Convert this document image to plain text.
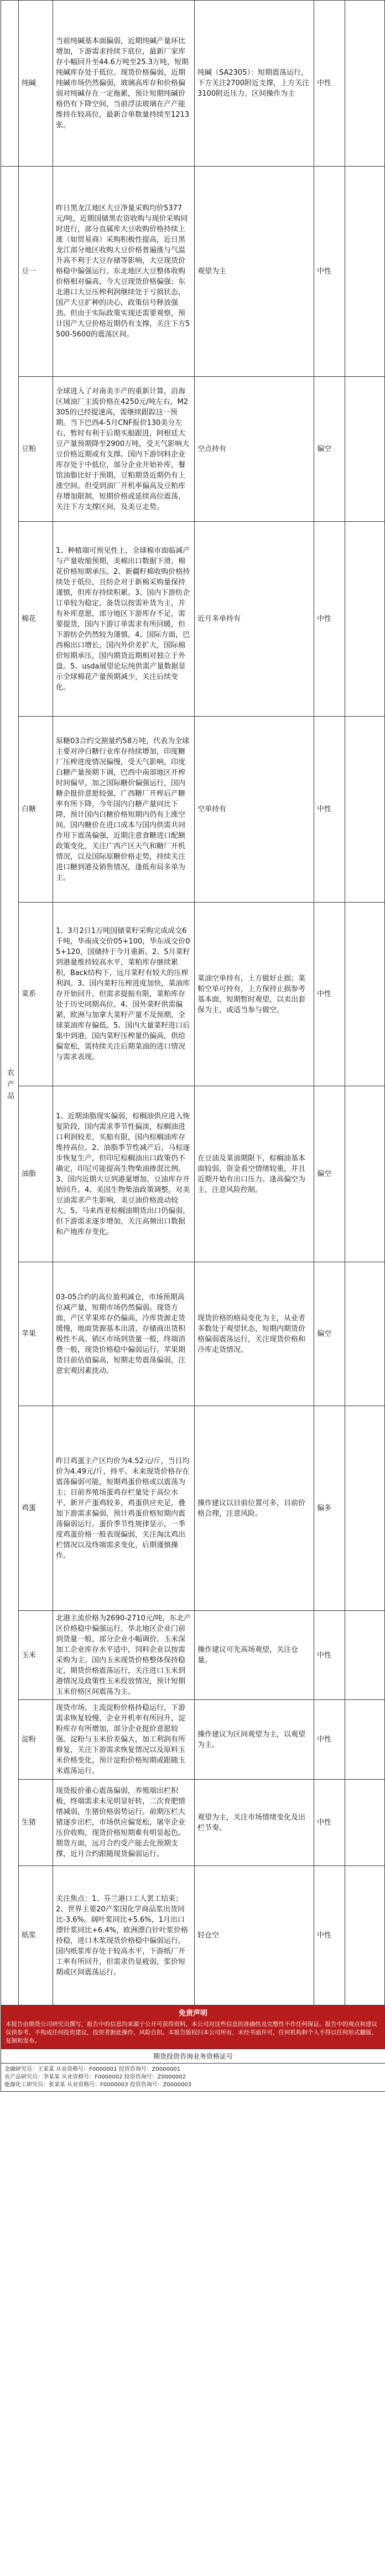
	纯碱	当前纯碱基本面偏弱，近期纯碱产量环比增加，下游需求持续下底位，最新厂家库存小幅回升至44.6万吨至25.3万吨，短期纯碱库存处于低位。现货价格偏弱，近期纯碱市场仍然偏弱，玻璃高库存和价格偏弱对纯碱存在一定拖累，预计短期纯碱价格仍有下降空间，当前浮法玻璃在产产能维持在较高位，最新合单数量持续至1213张。	纯碱（SA2305）：短期震荡运行，下方关注2700附近支撑，上方关注3100附近压力。区间操作为主	中性	
农产品	豆一	昨日黑龙江地区大豆净量采购均价5377元/吨，近期国储黑农资收购与现价采购同时进行，部分直属库大豆收购价格持续上涨（如贸易商）采购积极性提高，近日黑龙江部分地区收购大豆价格普遍涨与气温升高不利于大豆存储等影响，大豆现货价格稳中偏强运行。东北地区大豆整体收购价格相对偏高，今大豆现货价格偏强；东北港口大豆压榨利润继续处于亏损状态，国产大豆扩种的决心，政策信号释放强劲。但由于实际政策实现还需要观察，预计国产大豆价格近期仍有支撑，关注下方5500-5600的震荡区间。	观望为主	中性	
	豆粕	全球进入了对南美丰产的重新计算，沿海区域油厂主流价格在4250元/吨左右，M2305的已经提速高，需继续跟踪这一预期。当下巴西4-5月CNF报价130美分左右，暂时有利于后期买船跟进，阿根廷大豆产量预期降至2900万吨，受天气影响大豆价格近期或有支撑。国内下游饲料企业库存处于中低位，部分企业开始补库，餐馆油脂比好于预期，豆粕期货近期仍有上涨空间。但受到油厂开机率偏高及豆粕库存增加限制，短期价格或延续高位震荡，关注下方支撑区间，及美豆走势。	空点持有	偏空	
	棉花	1、种植端可预见性上，全球棉市面临减产与产量收缩预期，美棉出口数据下滑，棉花价格短期承压。2、新疆籽棉收购价格持续处于低位，且纺企对于新棉采购量保持谨慎，但库存持续积累。3、国内下游纺企订单较为稳定，备货以按需补货为主，并有补库意愿，部分地区下游库存不足，需要提货，国内下游订单需求有所回暖，但下游纺企仍然较为谨慎。4、国际方面，巴西棉出口增长，国内外价差扩大，国际棉价短期承压，国内期货近期相对独立于外盘。5、usda展望论坛纯供需产量数据显示全球棉花产量预期减少，关注后续变化。	近月多单持有	中性	
	白糖	原糖03合约交割量约58万吨，代表为全球主要对冲白糖行业库存持续增加，印度糖厂压榨进度情况偏慢，受天气影响，印度白糖产量预期下调，巴西中南部地区开榨时间偏早，加之国际糖价偏强运行，国内糖企挺价意愿较强，广西糖厂开榨后产糖率有所下降，今年国内白糖产量同比下降，预计国内白糖价格短期内仍有上涨空间。国内糖价在进口成本与国内供需共同作用下震荡偏强，近期注意食糖进口配额政策变化，关注广西产区天气和糖厂开机情况，以及国际原糖价格走势，持续关注进口糖到港及销售情况，逢低布局多单为主。	空单持有	中性	
	菜系	1、3月2日1万吨国储菜籽采购完成成交6千吨，华南成交价05+100，华东成交价05+120，国储持于今月重新。2、5月菜籽到港量维持较高水平，菜粕库存继续累积，Back结构下，远月菜籽有较大的压榨利润。3、国内菜籽压榨进度加快，菜油库存开始回升，但需求提振有限，菜粕库存处于历史同期高位。4、国外菜籽供需偏紧，欧洲与加拿大菜籽产量不及预期，全球菜油库存偏低。5、国内大量菜籽进口后集中到港，国内菜籽压榨量仍偏高，供给偏宽松，需持续关注后期菜油的进口情况与需求表现。	菜油空单持有，上方做好止损；菜粕空单可持有，上方保持止损参考基本面，短期暂时观望，以卖出套保为主，或适当参与做空。	中性	
	油脂	1、近期油脂现实偏弱，棕榈油供应进入恢复阶段，国内需求季节性偏淡，棕榈油进口利润较差，买船有限，国内棕榈油库存维持高位。2、油脂季节性减产后，马棕逐步恢复生产，但印尼棕榈油出口政策仍不确定，印尼可能提高生物柴油掺混比例。3、国内近期大豆到港量增加，豆油库存开始回升。4、美国生物柴油政策调整，对美豆油需求产生影响，美豆油价格波动较大。5、马来西亚棕榈油期货出口仍偏弱，但下游需求逐步增加，关注高频出口数据和产地库存变化。	在豆油及菜油期限下，棕榈油基本面较弱，资金看空情绪较重，并且近期开始有出口压力。逢高偏空为主，注意风险控制。	偏空	
	苹果	03-05合约的高位盈利减仓，市场预期高位减产量，短期市场仍然偏弱。现货方面，产区苹果库存仍偏高，冷库货源走货缓慢，地面货源基本出清，存储商出货积极性不高。销区市场到货量一般，终端消费一般，现货价格稳中偏弱运行。苹果期货目前估值偏高，短期走势震荡偏弱，注意宏观因素扰动。	现货价格的格局变化为主，从业者多数处于观望状态，短期内期货价格偏弱震荡运行，关注现货价格和冷库走货情况。	偏空	
	鸡蛋	昨日鸡蛋主产区均价为4.52元/斤，当日均价为4.49元/斤，持平。未来现货价格存在震荡偏弱可能，短期鸡蛋价格或以震荡为主；目前养殖场蛋鸡存栏量处于高位水平，新开产蛋鸡较多，鸡蛋供应充足，叠加下游需求偏弱，预计鸡蛋价格短期内震荡偏弱运行。蛋价季节性规律显示，一季度鸡蛋价格一般表现偏弱，关注淘汰鸡出栏情况以及终端需求变化，后期谨慎操作。	操作建议以目前位置可多，目前价格合理，注意风险。	偏多	
	玉米	北港主流价格为2690-2710元/吨，东北产区价格稳中偏强运行，华北地区企业门前到货量一般，部分企业小幅调价。玉米深加工企业库存水平适中，饲料企业以按需采购为主。国内玉米现货价格整体保持稳定，期货价格震荡运行，关注进口玉米到港情况及政策性玉米投放情况，预计短期玉米价格区间震荡为主。	操作建议可先高场观望，关注仓量。	中性	
	淀粉	现货市场，主流淀粉价格持稳运行，下游需求恢复较慢，企业开机率有所回升，淀粉库存有所增加，部分企业挺价意愿较强。淀粉与玉米价差偏大，加工利润有所修复，关注下游需求恢复情况以及原料玉米价格变化，预计淀粉价格短期或跟随玉米震荡运行。	操作建议为区间观望为主，以观望为主。	中性	
	生猪	现货报价重心震荡偏弱，养殖端出栏积极，终端需求未见明显好转，二次育肥情绪减弱，生猪价格弱势运行。前期压栏大猪逐步出栏，市场供应偏宽松，屠宰企业压价收购，现货价格短期难有明显起色。期货方面，远月合约受产能去化预期支撑，近月合约跟随现货偏弱运行。	观望为主，关注市场情绪变化及出栏节奏。	中性	
	纸浆	关注焦点：1、芬兰港口工人罢工结束；2、世界主要20产浆国化学商品浆出货同比-3.6%。阔叶浆同比+5.6%，1月出口漂针浆同比+6.4%，欧洲漂白针叶浆价格持稳，进口木浆现货价格稳中偏弱运行。国内纸浆库存处于较高水平，下游纸厂开工率有所回升，但需求仍显疲弱，浆价短期或区间震荡运行。	轻仓空	中性	
免责声明
本报告由期货公司研究员撰写，报告中的信息均来源于公开可获得资料，本公司对这些信息的准确性及完整性不作任何保证。报告中的观点和建议仅供参考，不构成任何投资建议，投资者据此操作，风险自担。本报告版权归本公司所有，未经书面许可，任何机构和个人不得以任何形式翻版、复制和发布。
期货投资咨询业务资格证号
金融研究员：王某某 从业资格号：F0000001 投资咨询号：Z0000001
农产品研究员：李某某 从业资格号：F0000002 投资咨询号：Z0000002
能源化工研究员：张某某 从业资格号：F0000003 投资咨询号：Z0000003
